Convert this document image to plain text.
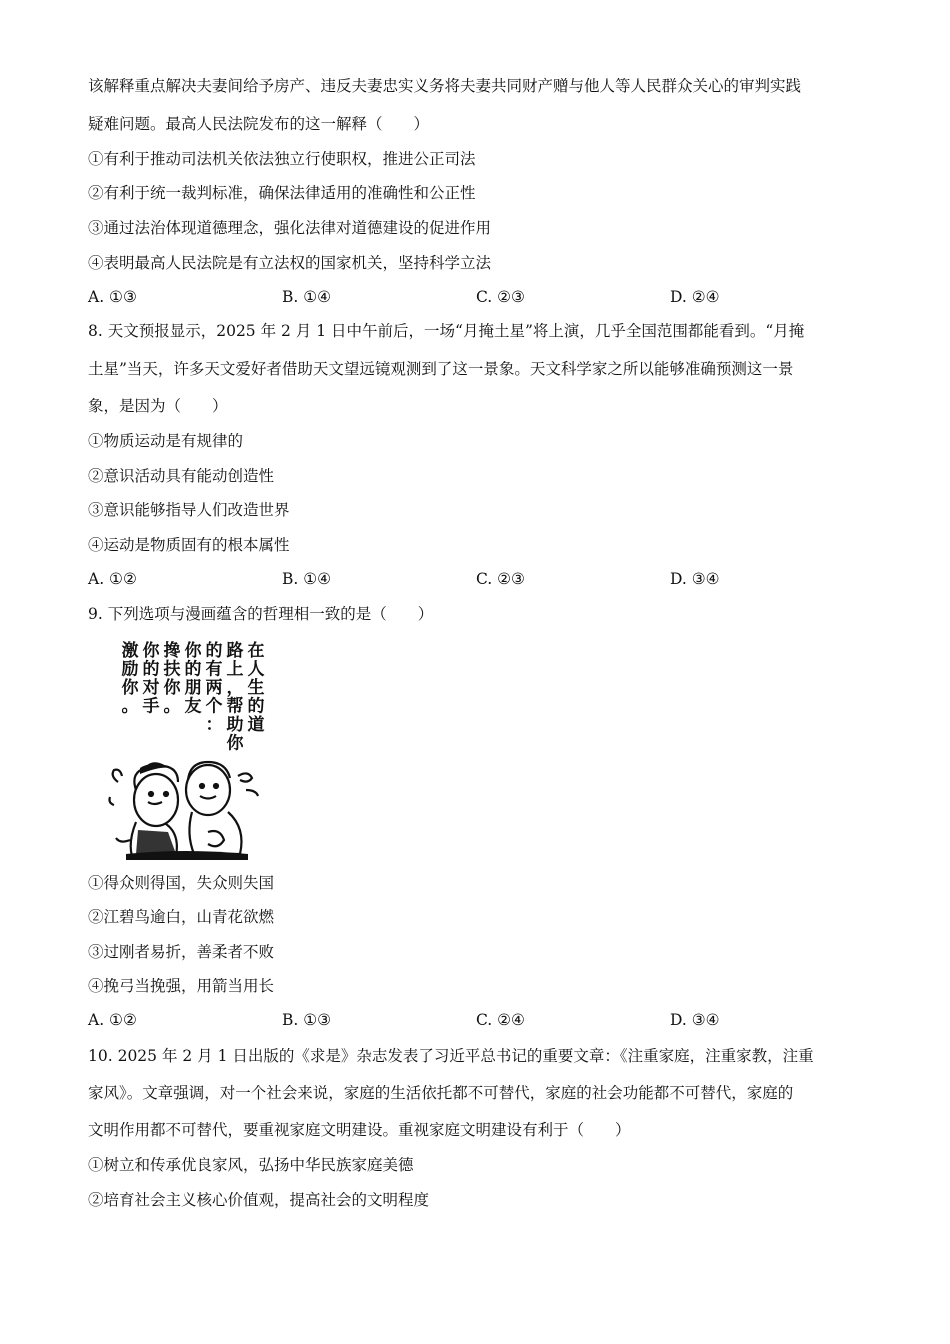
该解释重点解决夫妻间给予房产、违反夫妻忠实义务将夫妻共同财产赠与他人等人民群众关心的审判实践
疑难问题。最高人民法院发布的这一解释（　　）
①有利于推动司法机关依法独立行使职权，推进公正司法
②有利于统一裁判标准，确保法律适用的准确性和公正性
③通过法治体现道德理念，强化法律对道德建设的促进作用
④表明最高人民法院是有立法权的国家机关，坚持科学立法
A. ①③	B. ①④	C. ②③	D. ②④
8. 天文预报显示，2025 年 2 月 1 日中午前后，一场“月掩土星”将上演，几乎全国范围都能看到。“月掩
土星”当天，许多天文爱好者借助天文望远镜观测到了这一景象。天文科学家之所以能够准确预测这一景
象，是因为（　　）
①物质运动是有规律的
②意识活动具有能动创造性
③意识能够指导人们改造世界
④运动是物质固有的根本属性
A. ①②	B. ①④	C. ②③	D. ③④
9. 下列选项与漫画蕴含的哲理相一致的是（　　）
在人生的道
路上，帮助你
的有两个：
你的朋友
搀扶你。
你的对手
激励你。
①得众则得国，失众则失国
②江碧鸟逾白，山青花欲燃
③过刚者易折，善柔者不败
④挽弓当挽强，用箭当用长
A. ①②	B. ①③	C. ②④	D. ③④
10. 2025 年 2 月 1 日出版的《求是》杂志发表了习近平总书记的重要文章：《注重家庭，注重家教，注重
家风》。文章强调，对一个社会来说，家庭的生活依托都不可替代，家庭的社会功能都不可替代，家庭的
文明作用都不可替代，要重视家庭文明建设。重视家庭文明建设有利于（　　）
①树立和传承优良家风，弘扬中华民族家庭美德
②培育社会主义核心价值观，提高社会的文明程度
